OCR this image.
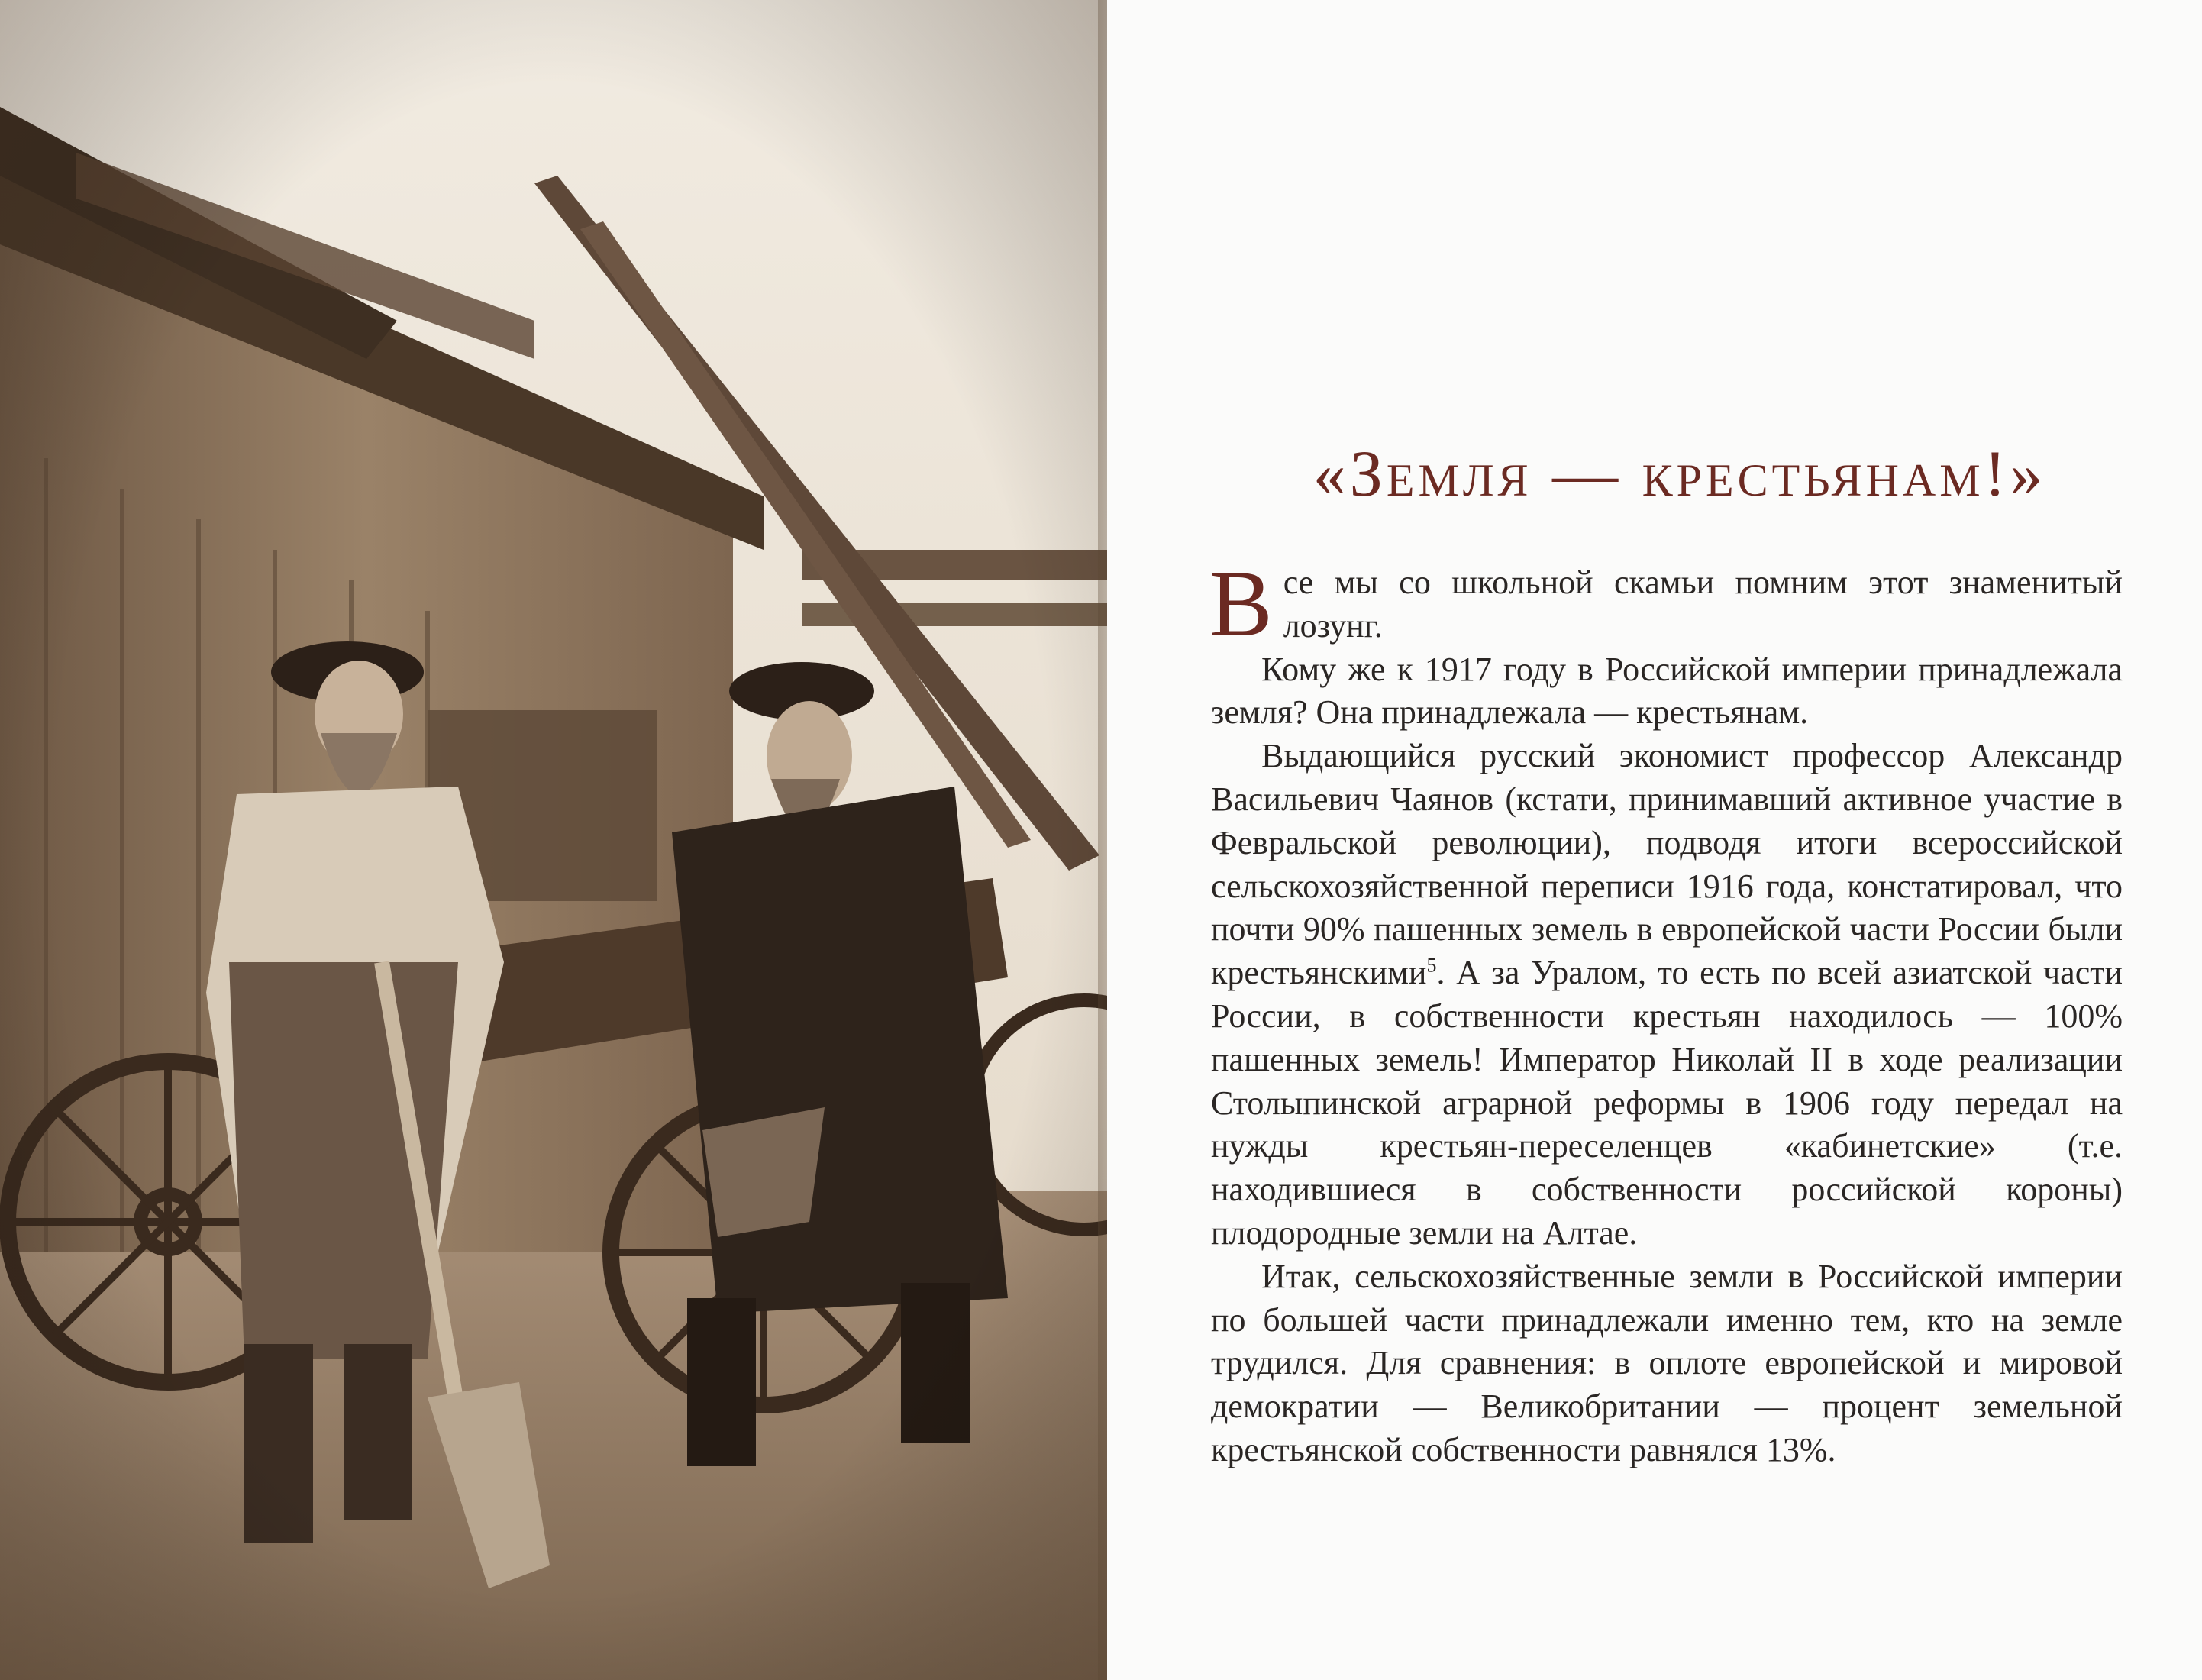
«Земля — крестьянам!»

Все мы со школьной скамьи помним этот знаменитый лозунг.

Кому же к 1917 году в Российской империи принадлежала земля? Она принадлежала — крестьянам.

Выдающийся русский экономист профессор Александр Васильевич Чаянов (кстати, принимавший активное участие в Февральской революции), подводя итоги всероссийской сельскохозяйственной переписи 1916 года, констатировал, что почти 90% пашенных земель в европейской части России были крестьянскими$^5$. А за Уралом, то есть по всей азиатской части России, в собственности крестьян находилось — 100% пашенных земель! Император Николай II в ходе реализации Столыпинской аграрной реформы в 1906 году передал на нужды крестьян-переселенцев «кабинетские» (т.е. находившиеся в собственности российской короны) плодородные земли на Алтае.

Итак, сельскохозяйственные земли в Российской империи по большей части принадлежали именно тем, кто на земле трудился. Для сравнения: в оплоте европейской и мировой демократии — Великобритании — процент земельной крестьянской собственности равнялся 13%.
